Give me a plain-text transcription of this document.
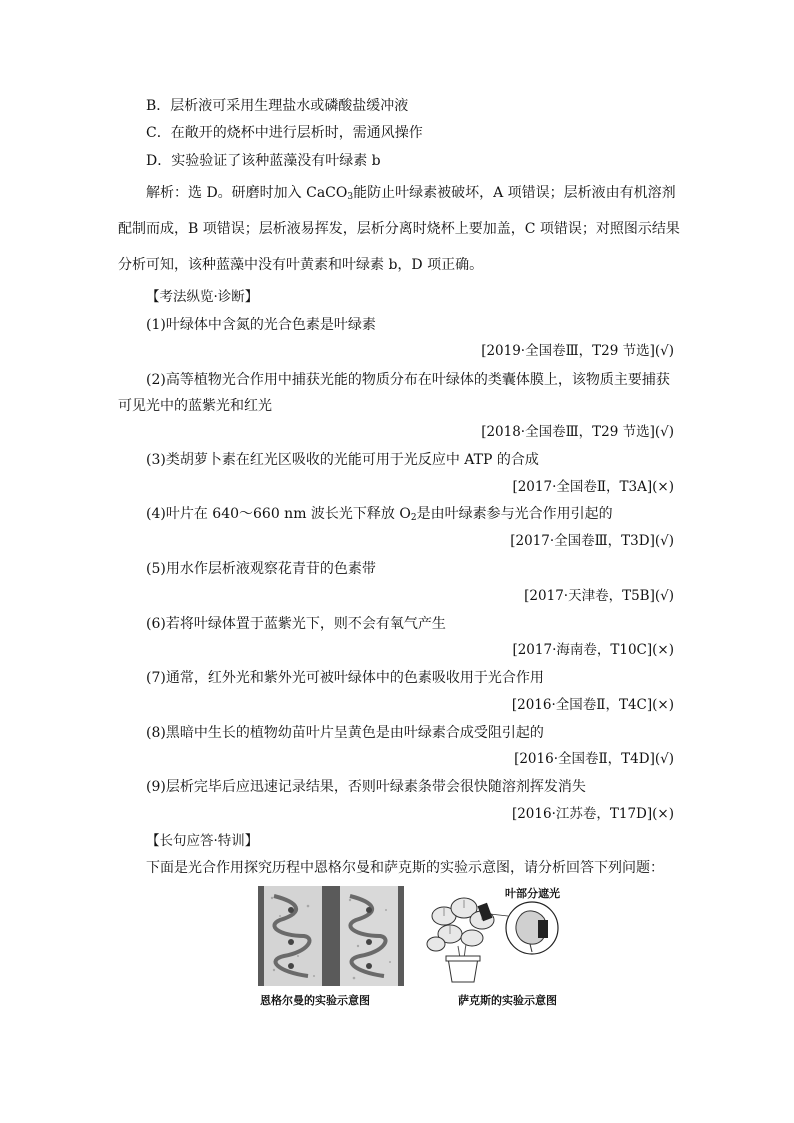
B．层析液可采用生理盐水或磷酸盐缓冲液
C．在敞开的烧杯中进行层析时，需通风操作
D．实验验证了该种蓝藻没有叶绿素 b
解析：选 D。研磨时加入 CaCO$_3$能防止叶绿素被破坏，A 项错误；层析液由有机溶剂
配制而成，B 项错误；层析液易挥发，层析分离时烧杯上要加盖，C 项错误；对照图示结果
分析可知，该种蓝藻中没有叶黄素和叶绿素 b，D 项正确。
【考法纵览·诊断】
(1)叶绿体中含氮的光合色素是叶绿素
[2019·全国卷Ⅲ，T29 节选](√)
(2)高等植物光合作用中捕获光能的物质分布在叶绿体的类囊体膜上，该物质主要捕获
可见光中的蓝紫光和红光
[2018·全国卷Ⅲ，T29 节选](√)
(3)类胡萝卜素在红光区吸收的光能可用于光反应中 ATP 的合成
[2017·全国卷Ⅱ，T3A](×)
(4)叶片在 640～660 nm 波长光下释放 $O_2$是由叶绿素参与光合作用引起的
[2017·全国卷Ⅲ，T3D](√)
(5)用水作层析液观察花青苷的色素带
[2017·天津卷，T5B](√)
(6)若将叶绿体置于蓝紫光下，则不会有氧气产生
[2017·海南卷，T10C](×)
(7)通常，红外光和紫外光可被叶绿体中的色素吸收用于光合作用
[2016·全国卷Ⅱ，T4C](×)
(8)黑暗中生长的植物幼苗叶片呈黄色是由叶绿素合成受阻引起的
[2016·全国卷Ⅱ，T4D](√)
(9)层析完毕后应迅速记录结果，否则叶绿素条带会很快随溶剂挥发消失
[2016·江苏卷，T17D](×)
【长句应答·特训】
下面是光合作用探究历程中恩格尔曼和萨克斯的实验示意图，请分析回答下列问题：
恩格尔曼的实验示意图
叶部分遮光
萨克斯的实验示意图
